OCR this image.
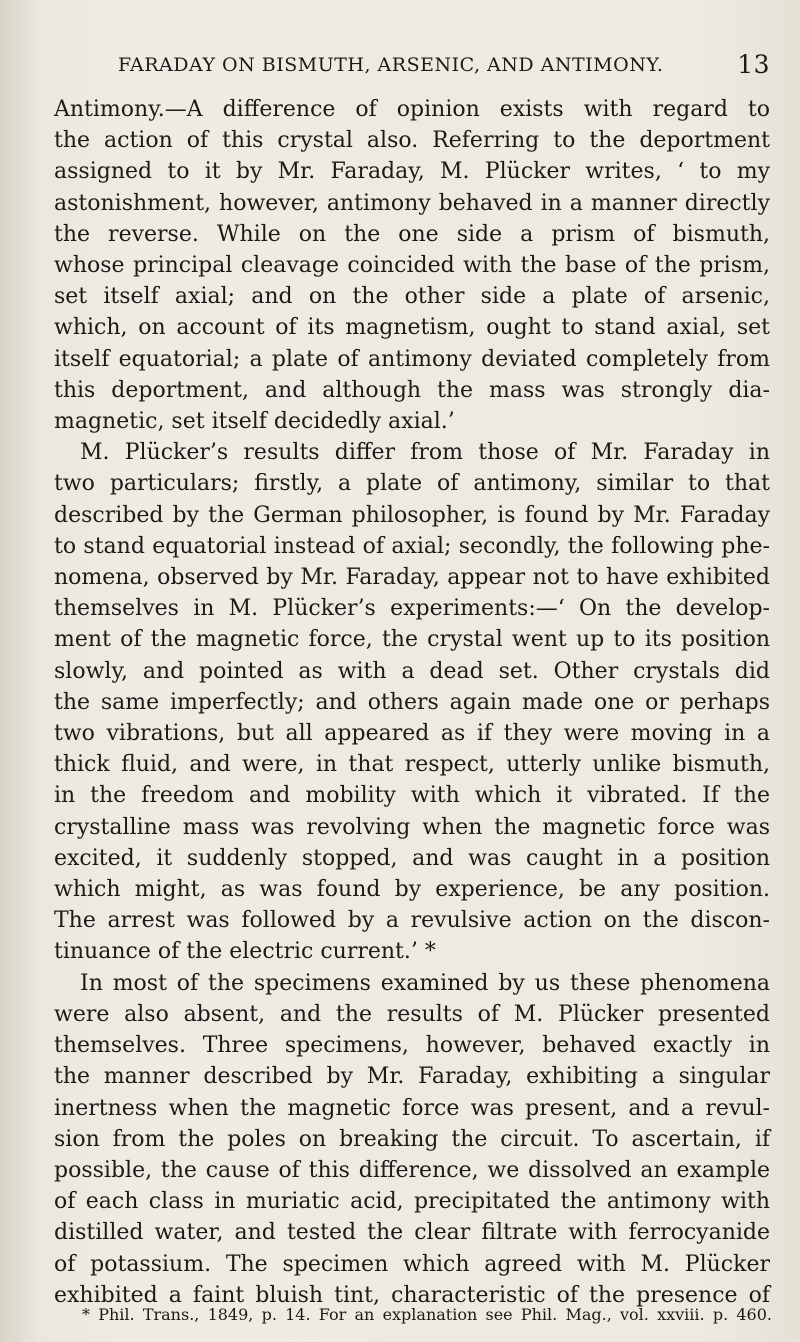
FARADAY ON BISMUTH, ARSENIC, AND ANTIMONY.	13

Antimony.—A difference of opinion exists with regard to
the action of this crystal also. Referring to the deportment
assigned to it by Mr. Faraday, M. Plücker writes, ‘ to my
astonishment, however, antimony behaved in a manner directly
the reverse. While on the one side a prism of bismuth,
whose principal cleavage coincided with the base of the prism,
set itself axial; and on the other side a plate of arsenic,
which, on account of its magnetism, ought to stand axial, set
itself equatorial; a plate of antimony deviated completely from
this deportment, and although the mass was strongly dia-
magnetic, set itself decidedly axial.’

M. Plücker’s results differ from those of Mr. Faraday in
two particulars; firstly, a plate of antimony, similar to that
described by the German philosopher, is found by Mr. Faraday
to stand equatorial instead of axial; secondly, the following phe-
nomena, observed by Mr. Faraday, appear not to have exhibited
themselves in M. Plücker’s experiments:—‘ On the develop-
ment of the magnetic force, the crystal went up to its position
slowly, and pointed as with a dead set. Other crystals did
the same imperfectly; and others again made one or perhaps
two vibrations, but all appeared as if they were moving in a
thick fluid, and were, in that respect, utterly unlike bismuth,
in the freedom and mobility with which it vibrated. If the
crystalline mass was revolving when the magnetic force was
excited, it suddenly stopped, and was caught in a position
which might, as was found by experience, be any position.
The arrest was followed by a revulsive action on the discon-
tinuance of the electric current.’ *

In most of the specimens examined by us these phenomena
were also absent, and the results of M. Plücker presented
themselves. Three specimens, however, behaved exactly in
the manner described by Mr. Faraday, exhibiting a singular
inertness when the magnetic force was present, and a revul-
sion from the poles on breaking the circuit. To ascertain, if
possible, the cause of this difference, we dissolved an example
of each class in muriatic acid, precipitated the antimony with
distilled water, and tested the clear filtrate with ferrocyanide
of potassium. The specimen which agreed with M. Plücker
exhibited a faint bluish tint, characteristic of the presence of

* Phil. Trans., 1849, p. 14. For an explanation see Phil. Mag., vol. xxviii. p. 460.
